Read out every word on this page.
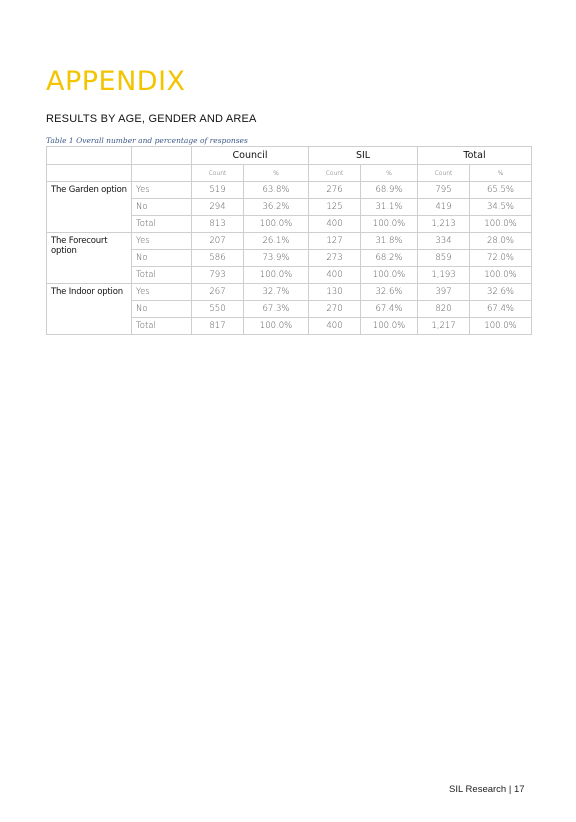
APPENDIX
RESULTS BY AGE, GENDER AND AREA
Table 1 Overall number and percentage of responses
		Council		SIL		Total	
		Count	%	Count	%	Count	%
The Garden option	Yes	519	63.8%	276	68.9%	795	65.5%
	No	294	36.2%	125	31.1%	419	34.5%
	Total	813	100.0%	400	100.0%	1,213	100.0%
The Forecourt option	Yes	207	26.1%	127	31.8%	334	28.0%
	No	586	73.9%	273	68.2%	859	72.0%
	Total	793	100.0%	400	100.0%	1,193	100.0%
The Indoor option	Yes	267	32.7%	130	32.6%	397	32.6%
	No	550	67.3%	270	67.4%	820	67.4%
	Total	817	100.0%	400	100.0%	1,217	100.0%
SIL Research | 17
